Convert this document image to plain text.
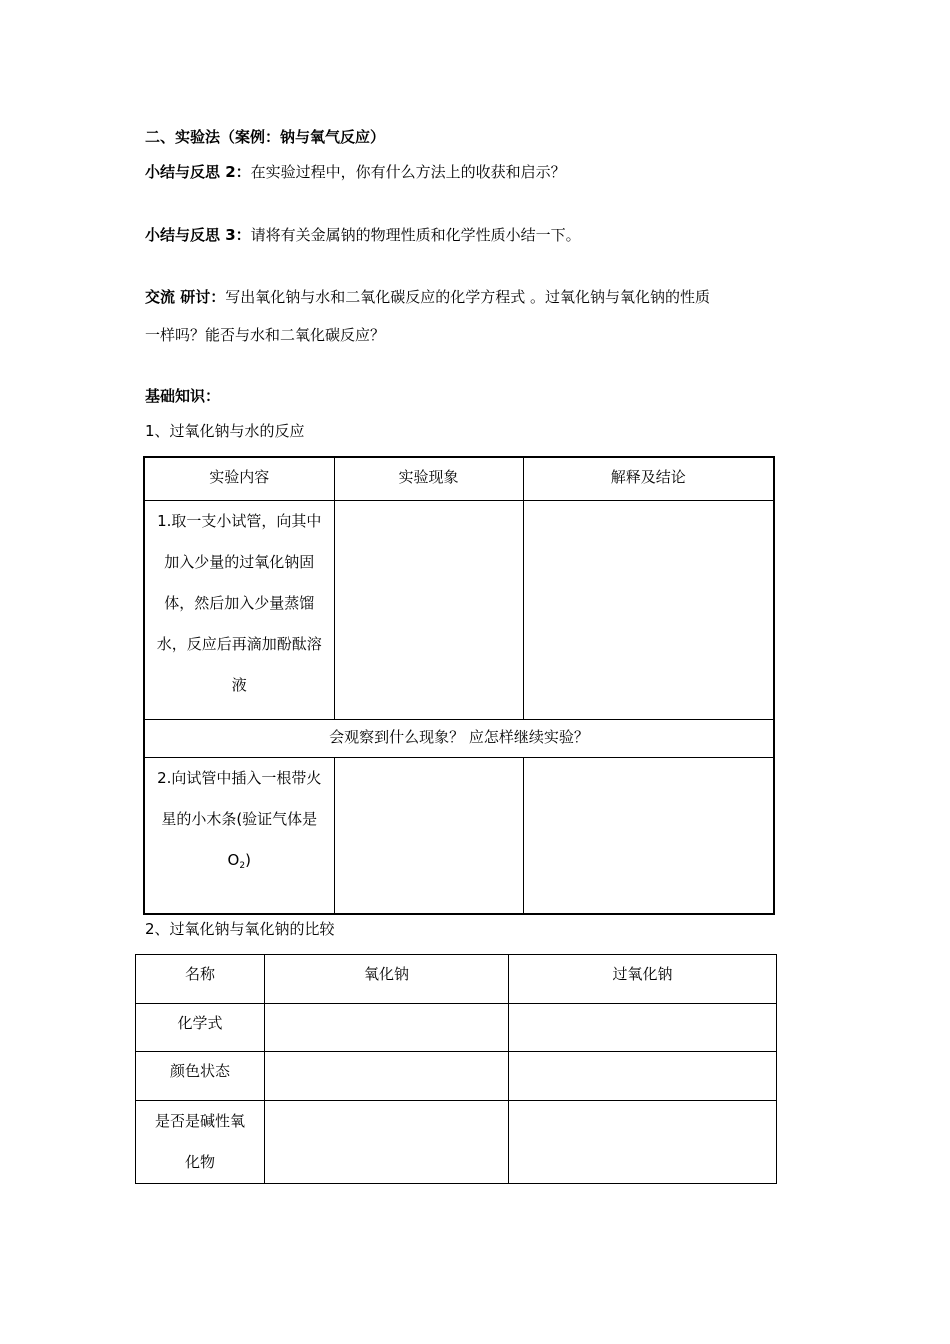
二、实验法（案例：钠与氧气反应）
小结与反思 2：在实验过程中，你有什么方法上的收获和启示？
小结与反思 3：请将有关金属钠的物理性质和化学性质小结一下。
交流 研讨：写出氧化钠与水和二氧化碳反应的化学方程式 。过氧化钠与氧化钠的性质
一样吗？能否与水和二氧化碳反应？
基础知识：
1、过氧化钠与水的反应
实验内容	实验现象	解释及结论

1.取一支小试管，向其中
加入少量的过氧化钠固
体，然后加入少量蒸馏
水，反应后再滴加酚酞溶
液		

会观察到什么现象？ 应怎样继续实验？		

2.向试管中插入一根带火
星的小木条(验证气体是
$O_2$)		

2、过氧化钠与氧化钠的比较
名称	氧化钠	过氧化钠
化学式		
颜色状态		

是否是碱性氧
化物		
